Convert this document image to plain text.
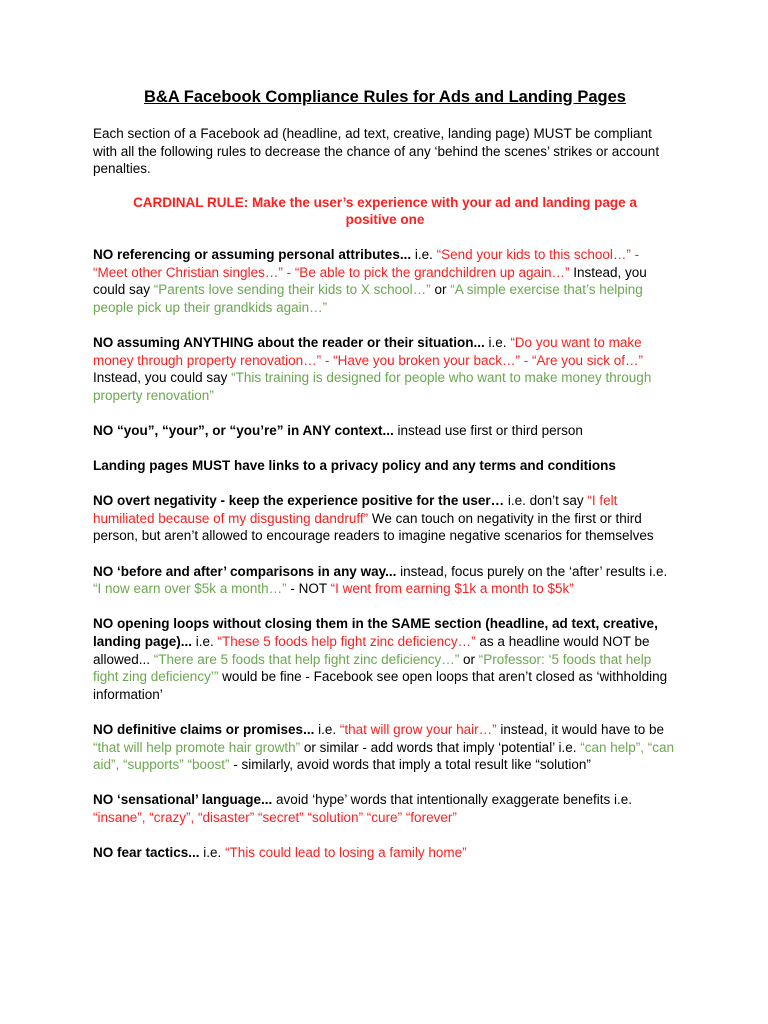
B&A Facebook Compliance Rules for Ads and Landing Pages
Each section of a Facebook ad (headline, ad text, creative, landing page) MUST be compliant with all the following rules to decrease the chance of any ‘behind the scenes’ strikes or account penalties.
CARDINAL RULE: Make the user’s experience with your ad and landing page a positive one
NO referencing or assuming personal attributes... i.e. “Send your kids to this school…” - “Meet other Christian singles…” - “Be able to pick the grandchildren up again…” Instead, you could say “Parents love sending their kids to X school…” or “A simple exercise that’s helping people pick up their grandkids again…”
NO assuming ANYTHING about the reader or their situation... i.e. “Do you want to make money through property renovation…” - “Have you broken your back…” - “Are you sick of…” Instead, you could say “This training is designed for people who want to make money through property renovation”
NO “you”, “your”, or “you’re” in ANY context... instead use first or third person
Landing pages MUST have links to a privacy policy and any terms and conditions
NO overt negativity - keep the experience positive for the user… i.e. don’t say “I felt humiliated because of my disgusting dandruff” We can touch on negativity in the first or third person, but aren’t allowed to encourage readers to imagine negative scenarios for themselves
NO ‘before and after’ comparisons in any way... instead, focus purely on the ‘after’ results i.e. “I now earn over $5k a month…” - NOT “I went from earning $1k a month to $5k”
NO opening loops without closing them in the SAME section (headline, ad text, creative, landing page)... i.e. “These 5 foods help fight zinc deficiency…” as a headline would NOT be allowed... “There are 5 foods that help fight zinc deficiency…” or “Professor: ‘5 foods that help fight zing deficiency’” would be fine - Facebook see open loops that aren’t closed as ‘withholding information’
NO definitive claims or promises... i.e. “that will grow your hair…” instead, it would have to be “that will help promote hair growth” or similar - add words that imply ‘potential’ i.e. “can help”, “can aid”, “supports” “boost” - similarly, avoid words that imply a total result like “solution”
NO ‘sensational’ language... avoid ‘hype’ words that intentionally exaggerate benefits i.e. “insane”, “crazy”, “disaster” “secret” “solution” “cure” “forever”
NO fear tactics... i.e. “This could lead to losing a family home”
